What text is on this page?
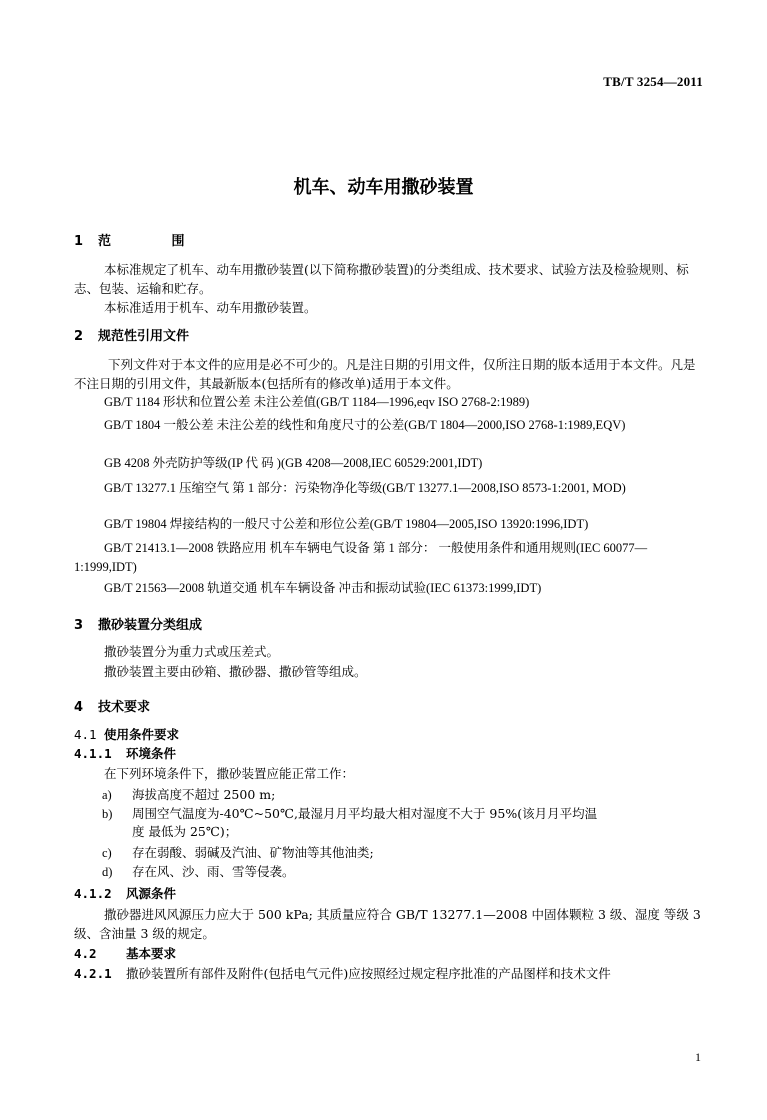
TB/T 3254—2011
机车、动车用撒砂装置
1 范 围
本标准规定了机车、动车用撒砂装置(以下简称撒砂装置)的分类组成、技术要求、试验方法及检验规则、标志、包装、运输和贮存。
本标准适用于机车、动车用撒砂装置。
2 规范性引用文件
下列文件对于本文件的应用是必不可少的。凡是注日期的引用文件，仅所注日期的版本适用于本文件。凡是不注日期的引用文件，其最新版本(包括所有的修改单)适用于本文件。
GB/T 1184 形状和位置公差 未注公差值(GB/T 1184—1996,eqv ISO 2768-2:1989)
GB/T 1804 一般公差 未注公差的线性和角度尺寸的公差(GB/T 1804—2000,ISO 2768-1:1989,EQV)
GB 4208 外壳防护等级(IP 代 码 )(GB 4208—2008,IEC 60529:2001,IDT)
GB/T 13277.1 压缩空气 第 1 部分：污染物净化等级(GB/T 13277.1—2008,ISO 8573-1:2001, MOD)
GB/T 19804 焊接结构的一般尺寸公差和形位公差(GB/T 19804—2005,ISO 13920:1996,IDT)
GB/T 21413.1—2008 铁路应用 机车车辆电气设备 第 1 部分： 一般使用条件和通用规则(IEC 60077—1:1999,IDT)
GB/T 21563—2008 轨道交通 机车车辆设备 冲击和振动试验(IEC 61373:1999,IDT)
3 撒砂装置分类组成
撒砂装置分为重力式或压差式。
撒砂装置主要由砂箱、撒砂器、撒砂管等组成。
4 技术要求
4.1 使用条件要求
4.1.1 环境条件
在下列环境条件下，撒砂装置应能正常工作：
a) 海拔高度不超过 2500 m;
b) 周围空气温度为-40℃~50℃,最湿月月平均最大相对湿度不大于 95%(该月月平均温
度 最低为 25℃)；
c) 存在弱酸、弱碱及汽油、矿物油等其他油类;
d) 存在风、沙、雨、雪等侵袭。
4.1.2 风源条件
撒砂器进风风源压力应大于 500 kPa; 其质量应符合 GB/T 13277.1—2008 中固体颗粒 3 级、湿度 等级 3 级、含油量 3 级的规定。
4.2 基本要求
4.2.1 撒砂装置所有部件及附件(包括电气元件)应按照经过规定程序批准的产品图样和技术文件
1
